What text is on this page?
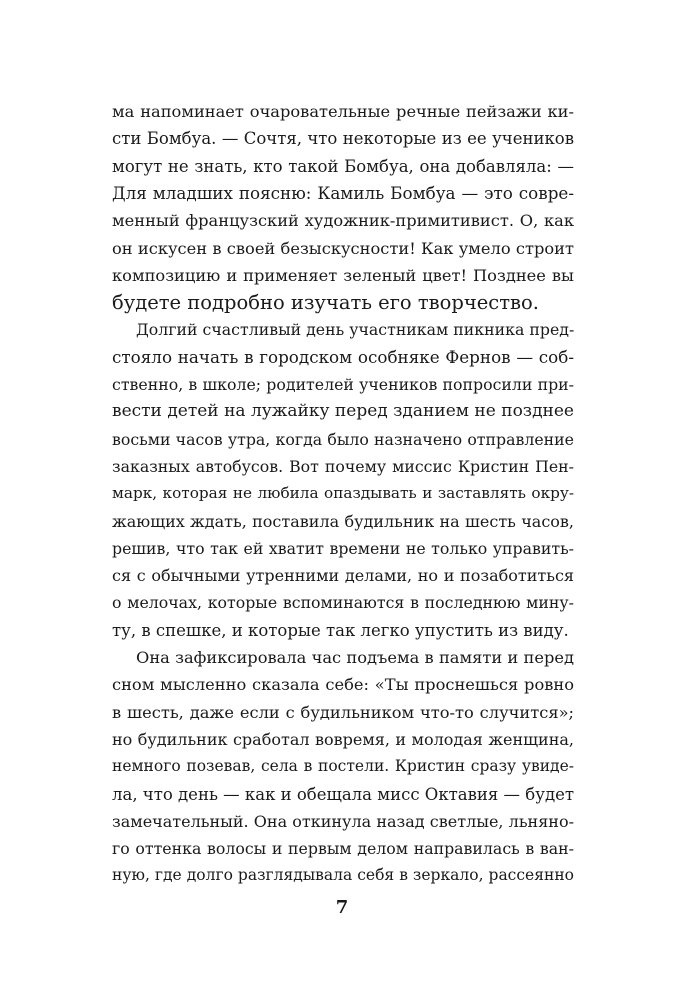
ма напоминает очаровательные речные пейзажи ки-
сти Бомбуа. — Сочтя, что некоторые из ее учеников
могут не знать, кто такой Бомбуа, она добавляла: —
Для младших поясню: Камиль Бомбуа — это совре-
менный французский художник-примитивист. О, как
он искусен в своей безыскусности! Как умело строит
композицию и применяет зеленый цвет! Позднее вы
будете подробно изучать его творчество.
Долгий счастливый день участникам пикника пред-
стояло начать в городском особняке Фернов — соб-
ственно, в школе; родителей учеников попросили при-
вести детей на лужайку перед зданием не позднее
восьми часов утра, когда было назначено отправление
заказных автобусов. Вот почему миссис Кристин Пен-
марк, которая не любила опаздывать и заставлять окру-
жающих ждать, поставила будильник на шесть часов,
решив, что так ей хватит времени не только управить-
ся с обычными утренними делами, но и позаботиться
о мелочах, которые вспоминаются в последнюю мину-
ту, в спешке, и которые так легко упустить из виду.
Она зафиксировала час подъема в памяти и перед
сном мысленно сказала себе: «Ты проснешься ровно
в шесть, даже если с будильником что-то случится»;
но будильник сработал вовремя, и молодая женщина,
немного позевав, села в постели. Кристин сразу увиде-
ла, что день — как и обещала мисс Октавия — будет
замечательный. Она откинула назад светлые, льняно-
го оттенка волосы и первым делом направилась в ван-
ную, где долго разглядывала себя в зеркало, рассеянно
7
